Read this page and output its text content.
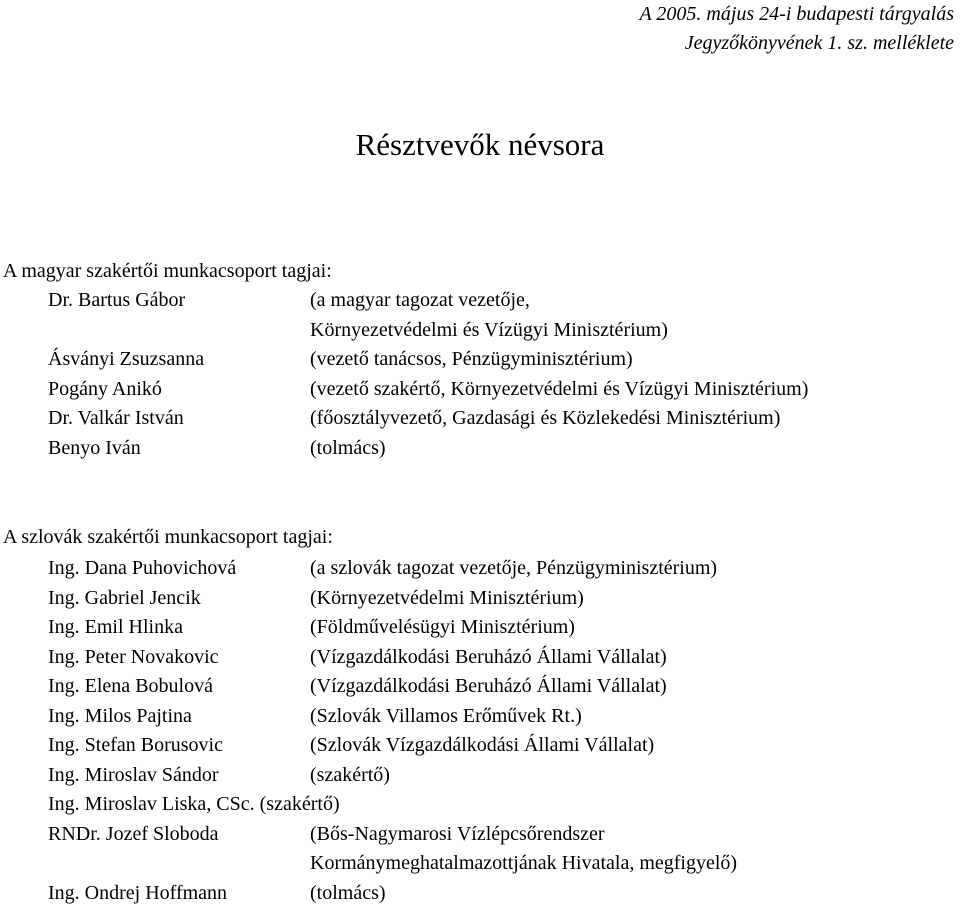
A 2005. május 24-i budapesti tárgyalás
Jegyzőkönyvének 1. sz. melléklete
Résztvevők névsora
A magyar szakértői munkacsoport tagjai:
Dr. Bartus Gábor	(a magyar tagozat vezetője,
Környezetvédelmi és Vízügyi Minisztérium)
Ásványi Zsuzsanna	(vezető tanácsos, Pénzügyminisztérium)
Pogány Anikó	(vezető szakértő, Környezetvédelmi és Vízügyi Minisztérium)
Dr. Valkár István	(főosztályvezető, Gazdasági és Közlekedési Minisztérium)
Benyo Iván	(tolmács)
A szlovák szakértői munkacsoport tagjai:
Ing. Dana Puhovichová	(a szlovák tagozat vezetője, Pénzügyminisztérium)
Ing. Gabriel Jencik	(Környezetvédelmi Minisztérium)
Ing. Emil Hlinka	(Földművelésügyi Minisztérium)
Ing. Peter Novakovic	(Vízgazdálkodási Beruházó Állami Vállalat)
Ing. Elena Bobulová	(Vízgazdálkodási Beruházó Állami Vállalat)
Ing. Milos Pajtina	(Szlovák Villamos Erőművek Rt.)
Ing. Stefan Borusovic	(Szlovák Vízgazdálkodási Állami Vállalat)
Ing. Miroslav Sándor	(szakértő)
Ing. Miroslav Liska, CSc. (szakértő)
RNDr. Jozef Sloboda	(Bős-Nagymarosi Vízlépcsőrendszer
Kormánymeghatalmazottjának Hivatala, megfigyelő)
Ing. Ondrej Hoffmann	(tolmács)
